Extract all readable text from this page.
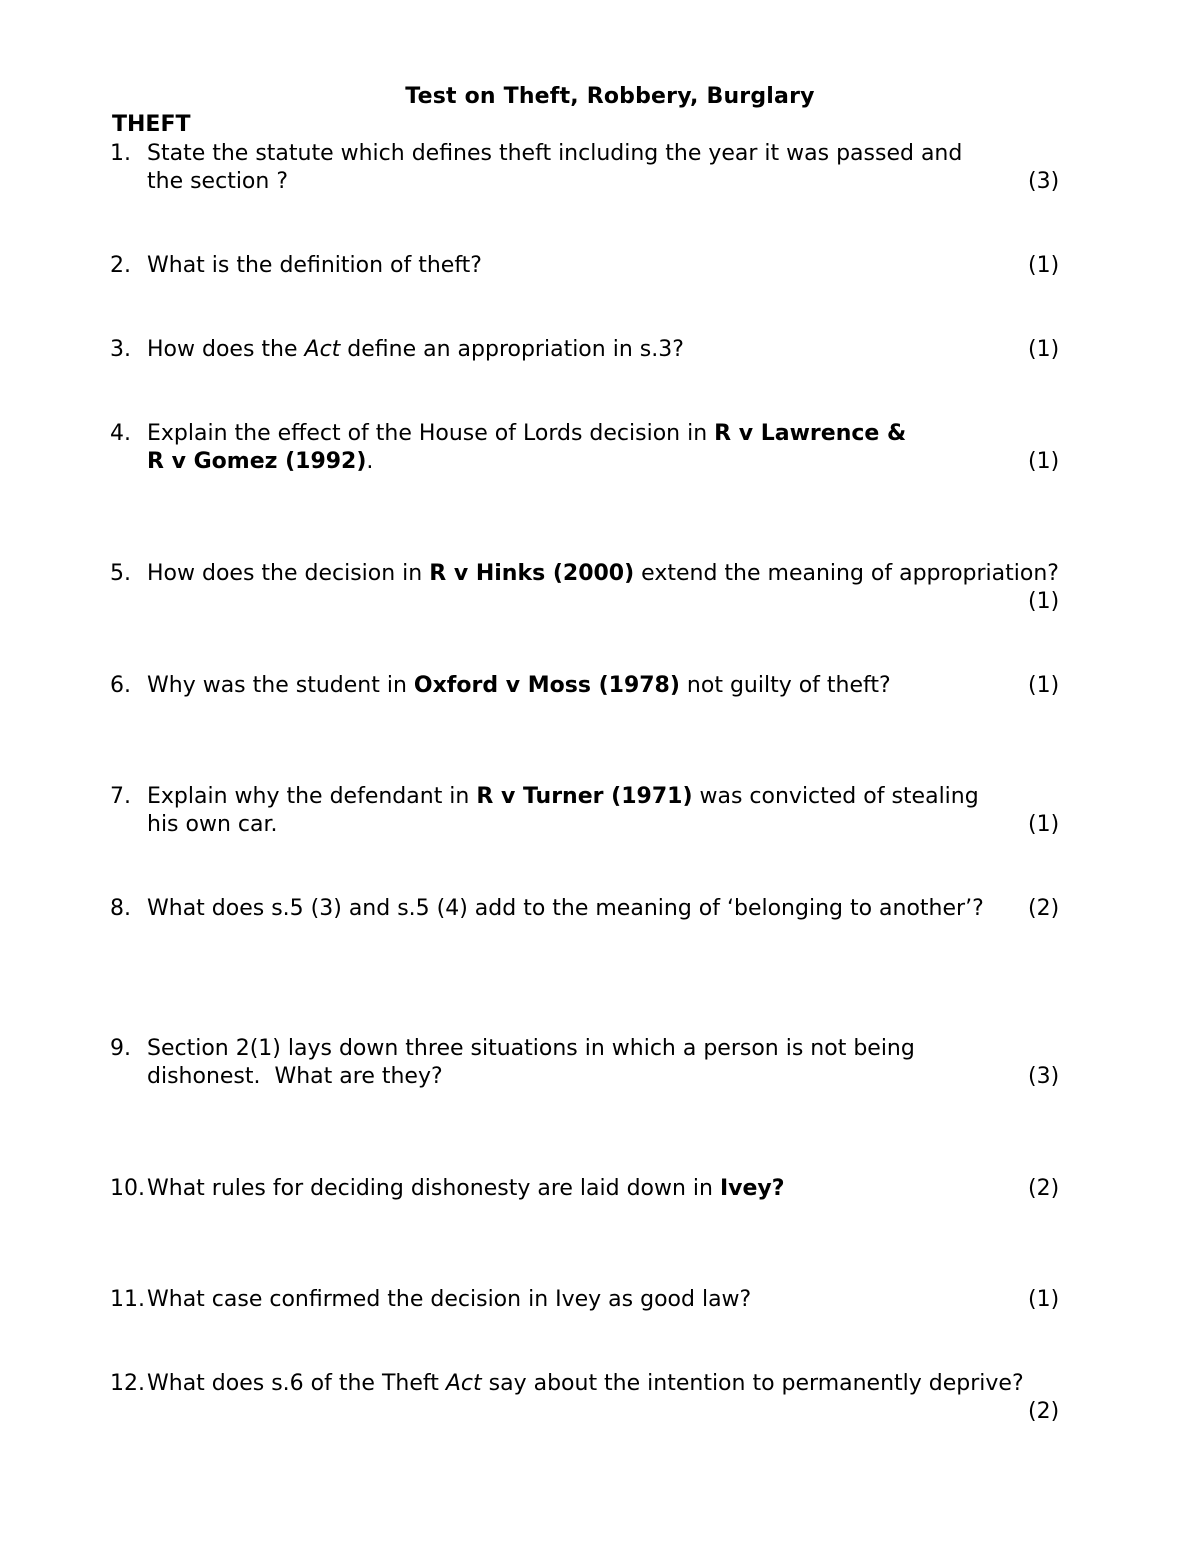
Test on Theft, Robbery, Burglary
THEFT
1. State the statute which defines theft including the year it was passed and
the section ?	(3)
2. What is the definition of theft?	(1)
3. How does the Act define an appropriation in s.3?	(1)
4. Explain the effect of the House of Lords decision in R v Lawrence &
R v Gomez (1992).	(1)
5. How does the decision in R v Hinks (2000) extend the meaning of appropriation?
(1)
6. Why was the student in Oxford v Moss (1978) not guilty of theft?	(1)
7. Explain why the defendant in R v Turner (1971) was convicted of stealing
his own car.	(1)
8. What does s.5 (3) and s.5 (4) add to the meaning of ‘belonging to another’?	(2)
9. Section 2(1) lays down three situations in which a person is not being
dishonest.  What are they?	(3)
10. What rules for deciding dishonesty are laid down in Ivey?	(2)
11. What case confirmed the decision in Ivey as good law?	(1)
12. What does s.6 of the Theft Act say about the intention to permanently deprive?
(2)
